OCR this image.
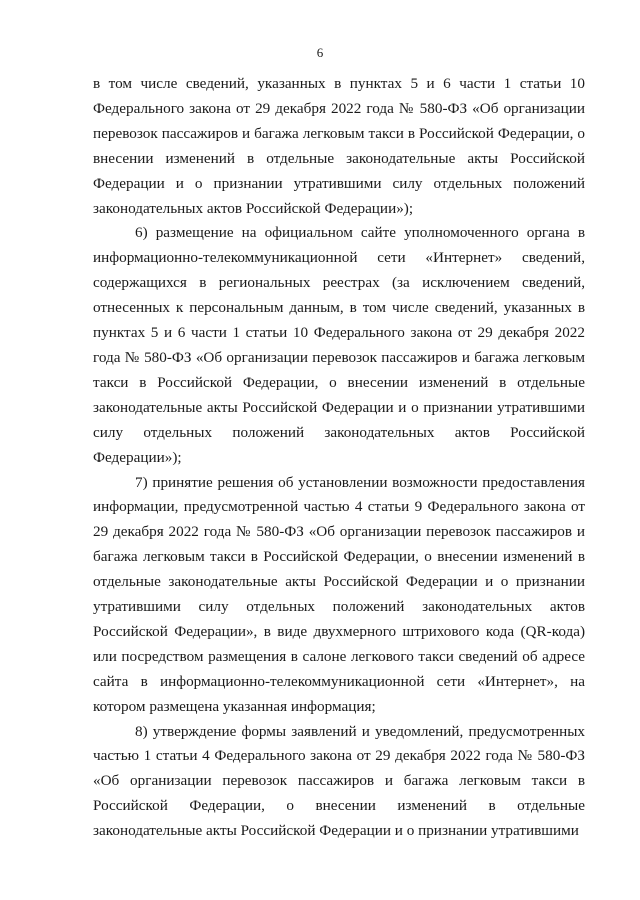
6

в том числе сведений, указанных в пунктах 5 и 6 части 1 статьи 10 Федерального закона от 29 декабря 2022 года № 580-ФЗ «Об организации перевозок пассажиров и багажа легковым такси в Российской Федерации, о внесении изменений в отдельные законодательные акты Российской Федерации и о признании утратившими силу отдельных положений законодательных актов Российской Федерации»);

6) размещение на официальном сайте уполномоченного органа в информационно-телекоммуникационной сети «Интернет» сведений, содержащихся в региональных реестрах (за исключением сведений, отнесенных к персональным данным, в том числе сведений, указанных в пунктах 5 и 6 части 1 статьи 10 Федерального закона от 29 декабря 2022 года № 580-ФЗ «Об организации перевозок пассажиров и багажа легковым такси в Российской Федерации, о внесении изменений в отдельные законодательные акты Российской Федерации и о признании утратившими силу отдельных положений законодательных актов Российской Федерации»);

7) принятие решения об установлении возможности предоставления информации, предусмотренной частью 4 статьи 9 Федерального закона от 29 декабря 2022 года № 580-ФЗ «Об организации перевозок пассажиров и багажа легковым такси в Российской Федерации, о внесении изменений в отдельные законодательные акты Российской Федерации и о признании утратившими силу отдельных положений законодательных актов Российской Федерации», в виде двухмерного штрихового кода (QR-кода) или посредством размещения в салоне легкового такси сведений об адресе сайта в информационно-телекоммуникационной сети «Интернет», на котором размещена указанная информация;

8) утверждение формы заявлений и уведомлений, предусмотренных частью 1 статьи 4 Федерального закона от 29 декабря 2022 года № 580-ФЗ «Об организации перевозок пассажиров и багажа легковым такси в Российской Федерации, о внесении изменений в отдельные законодательные акты Российской Федерации и о признании утратившими
